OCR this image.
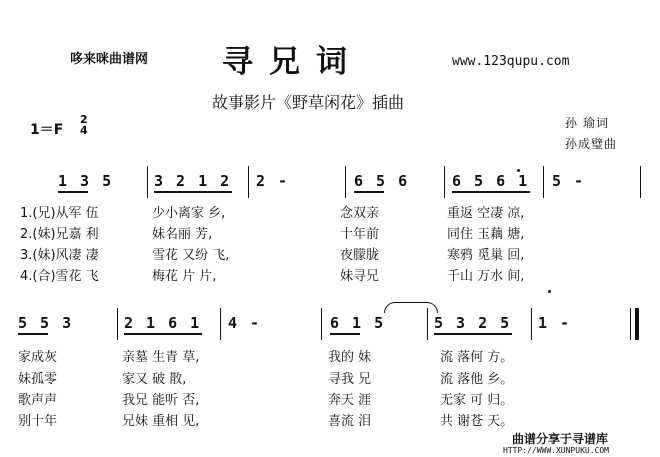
哆来咪曲谱网 寻兄词	www.123qupu.com
故事影片《野草闲花》插曲
孙 瑜词
孙成璧曲
1＝F
2
4
1 3 5	3 2 1 2 2 -	6 5 6	6 5 6 1 5 -
1.(兄)从军 伍	少小离家 乡,	念双亲	重返 空凄 凉,
2.(妹)兄嘉 利	妹名丽 芳,	十年前	同住 玉藕 塘,
3.(妹)风凄 凄	雪花 又纷 飞,	夜朦胧	寒鸦 觅巢 回,
4.(合)雪花 飞	梅花 片 片,	妹寻兄	千山 万水 间,
5 5 3	2 1 6 1 4 -	6 1 5	5 3 2 5 1 -
家成灰	亲墓 生青 草,	我的 妹	流 落何 方。
妹孤零	家又 破 散,	寻我 兄	流 落他 乡。
歌声声	我兄 能听 否,	奔天 涯	无家 可 归。
别十年	兄妹 重相 见,	喜流 泪	共 谢苍 天。
曲谱分享于寻谱库
HTTP://WWW.XUNPUKU.COM
